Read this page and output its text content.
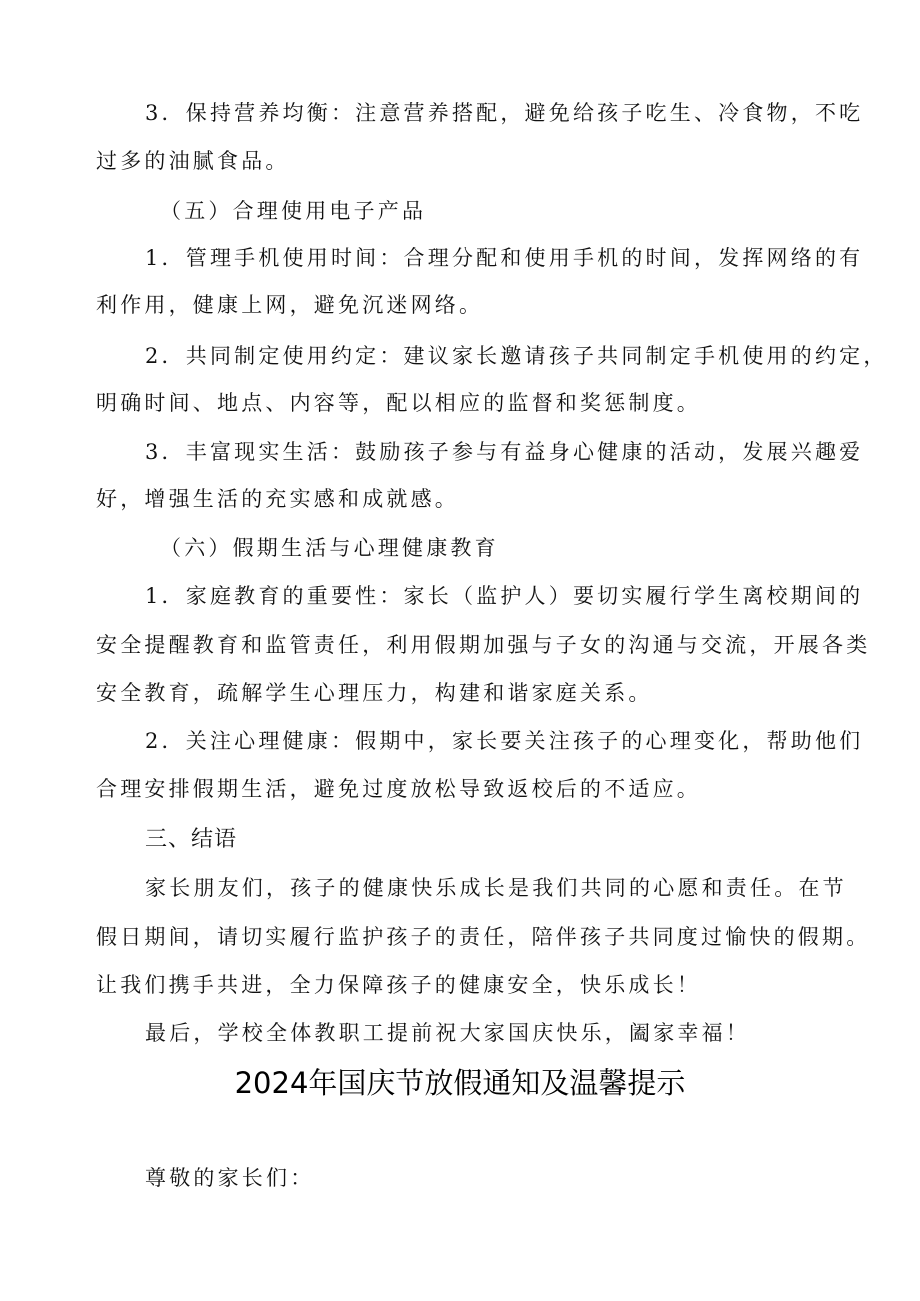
3．保持营养均衡：注意营养搭配，避免给孩子吃生、冷食物，不吃
过多的油腻食品。
（五）合理使用电子产品
1．管理手机使用时间：合理分配和使用手机的时间，发挥网络的有
利作用，健康上网，避免沉迷网络。
2．共同制定使用约定：建议家长邀请孩子共同制定手机使用的约定，
明确时间、地点、内容等，配以相应的监督和奖惩制度。
3．丰富现实生活：鼓励孩子参与有益身心健康的活动，发展兴趣爱
好，增强生活的充实感和成就感。
（六）假期生活与心理健康教育
1．家庭教育的重要性：家长（监护人）要切实履行学生离校期间的
安全提醒教育和监管责任，利用假期加强与子女的沟通与交流，开展各类
安全教育，疏解学生心理压力，构建和谐家庭关系。
2．关注心理健康：假期中，家长要关注孩子的心理变化，帮助他们
合理安排假期生活，避免过度放松导致返校后的不适应。
三、结语
家长朋友们，孩子的健康快乐成长是我们共同的心愿和责任。在节
假日期间，请切实履行监护孩子的责任，陪伴孩子共同度过愉快的假期。
让我们携手共进，全力保障孩子的健康安全，快乐成长！
最后，学校全体教职工提前祝大家国庆快乐，阖家幸福！
2024年国庆节放假通知及温馨提示
尊敬的家长们：
